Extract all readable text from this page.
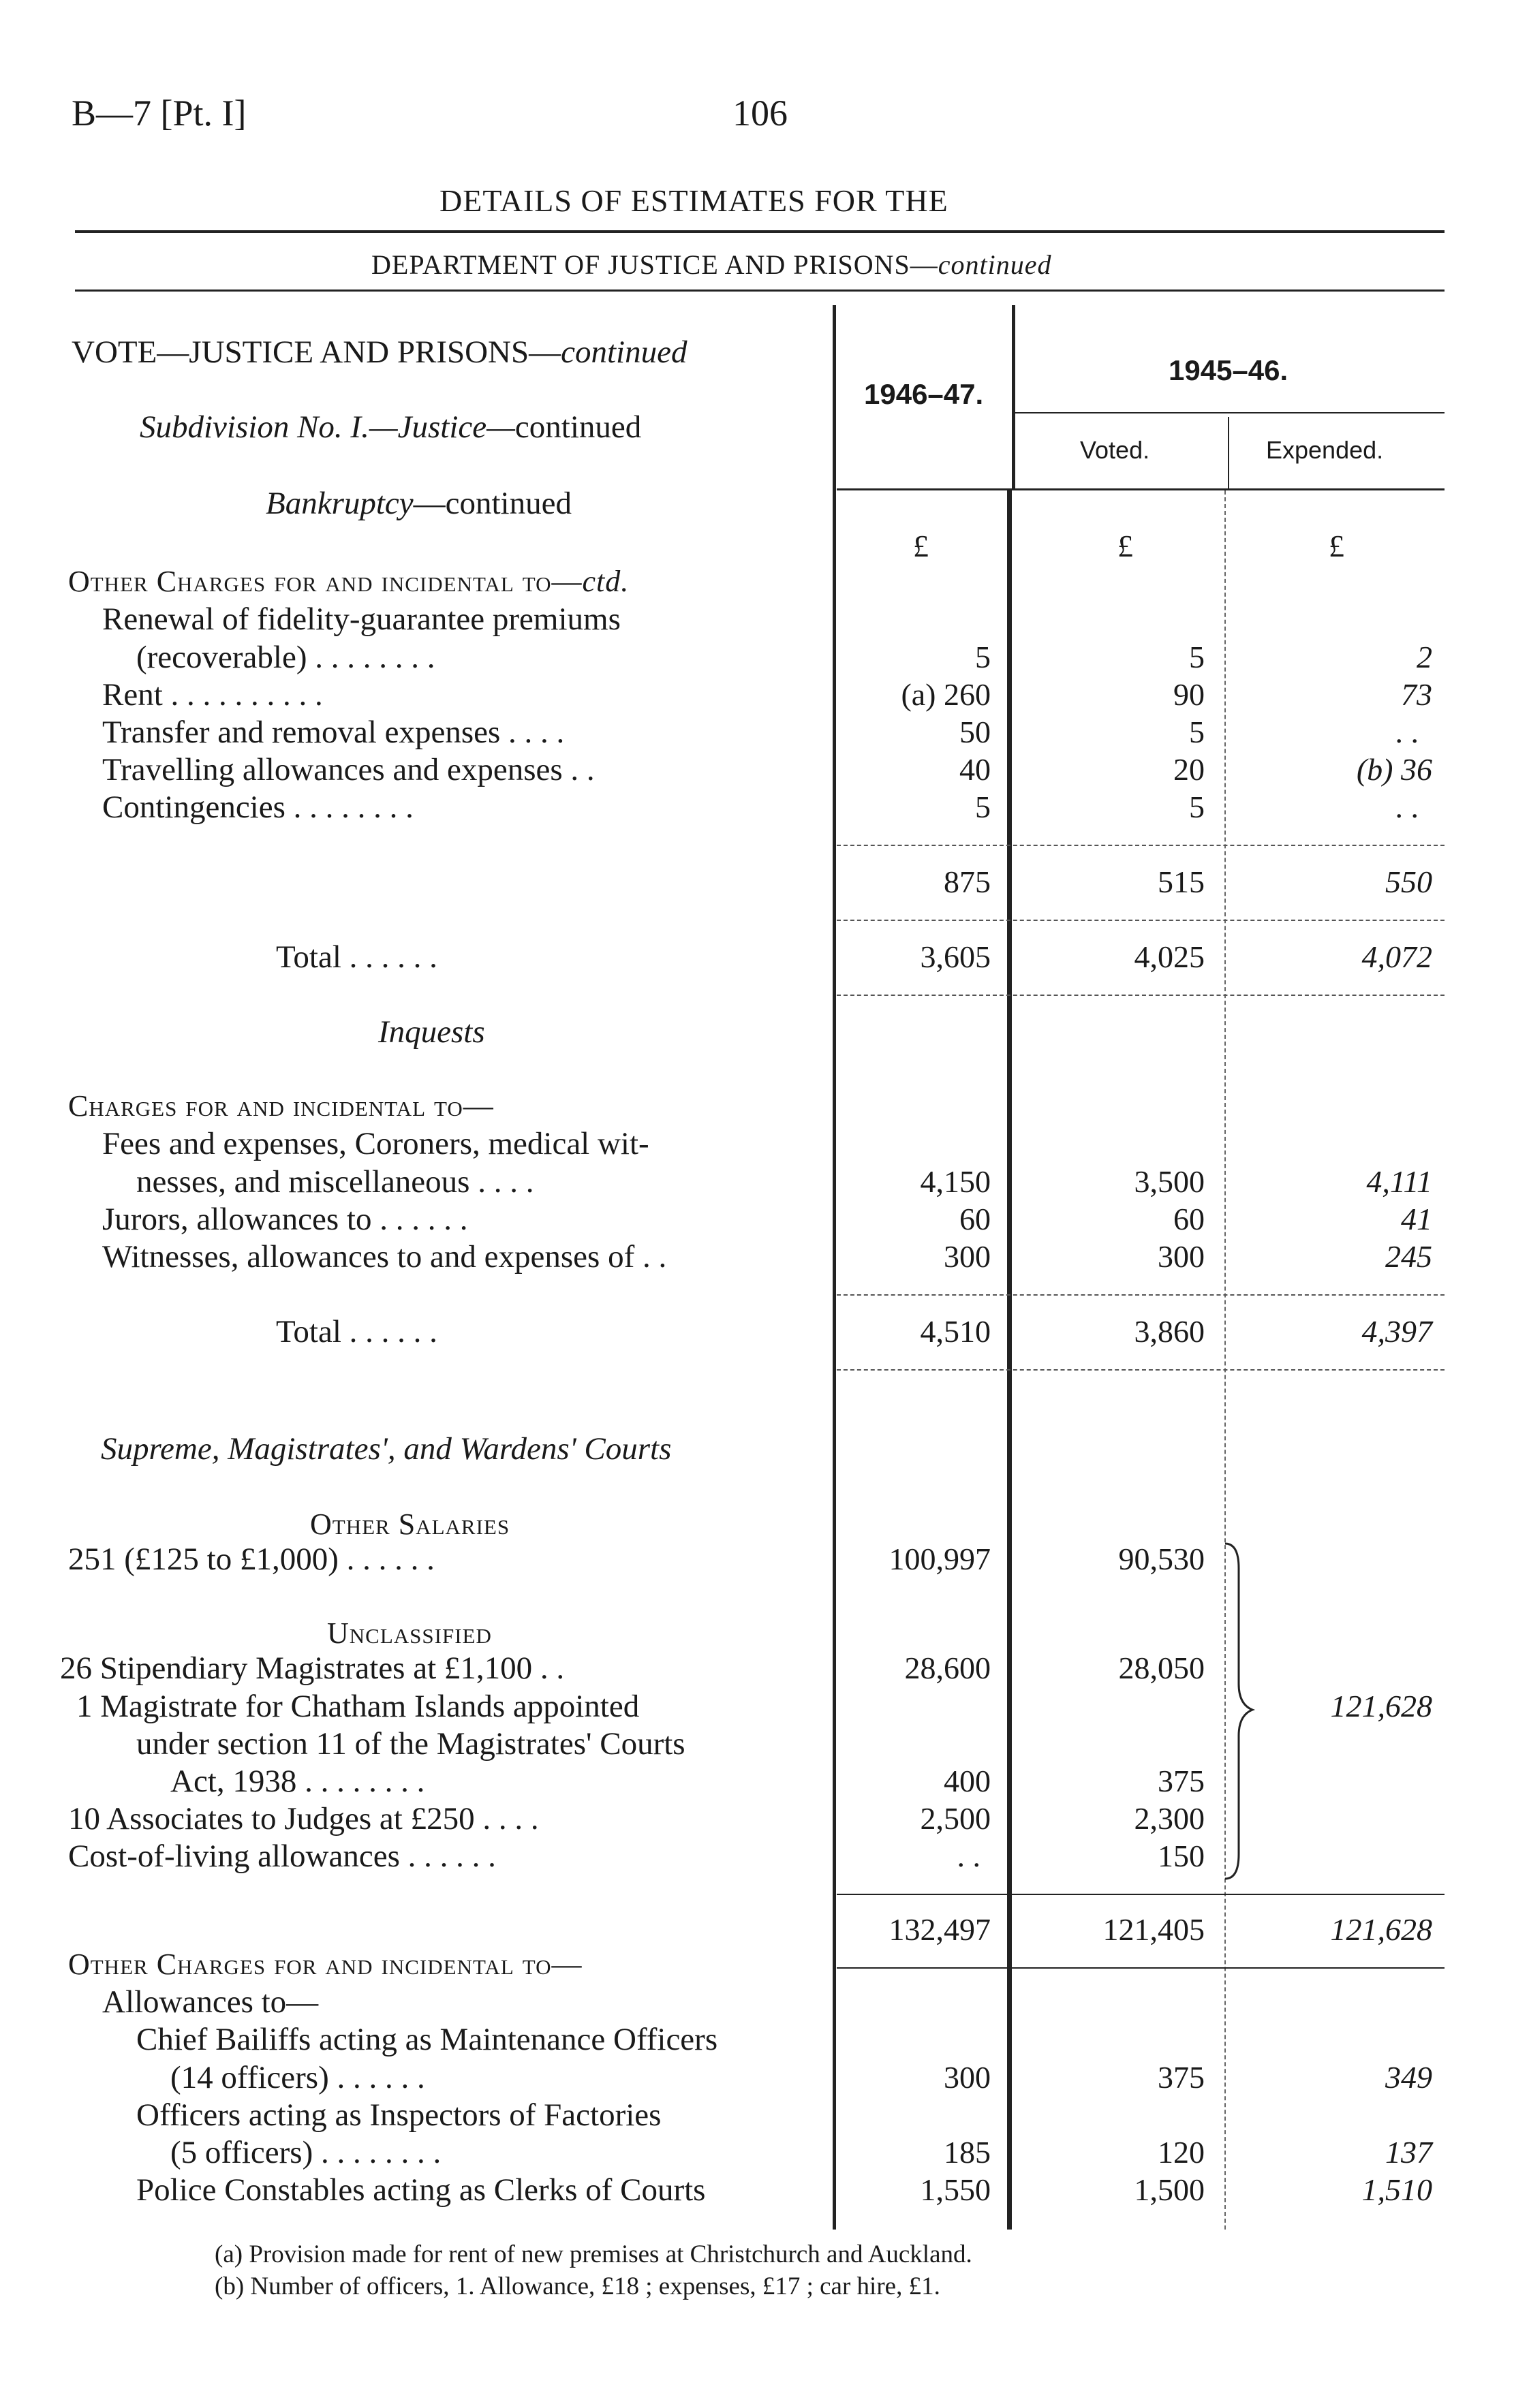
B—7 [Pt. I]	106
DETAILS OF ESTIMATES FOR THE
DEPARTMENT OF JUSTICE AND PRISONS—continued
1946–47.
1945–46.
Voted.	Expended.
£	£	£
VOTE—JUSTICE AND PRISONS—continued
Subdivision No. I.—Justice—continued
Bankruptcy—continued
Other Charges for and incidental to—ctd.
Renewal of fidelity-guarantee premiums
(recoverable) . . . . . . . .	5	5	2
Rent . . . . . . . . . .	(a) 260	90	73
Transfer and removal expenses . . . .	50	5	. .
Travelling allowances and expenses . .	40	20	(b) 36
Contingencies . . . . . . . .	5	5	. .
875	515	550
Total . . . . . .	3,605	4,025	4,072
Inquests
Charges for and incidental to—
Fees and expenses, Coroners, medical wit-
nesses, and miscellaneous . . . .	4,150	3,500	4,111
Jurors, allowances to . . . . . .	60	60	41
Witnesses, allowances to and expenses of . .	300	300	245
Total . . . . . .	4,510	3,860	4,397
Supreme, Magistrates', and Wardens' Courts
Other Salaries
251 (£125 to £1,000) . . . . . .	100,997	90,530
Unclassified
26 Stipendiary Magistrates at £1,100 . .	28,600	28,050
1 Magistrate for Chatham Islands appointed
under section 11 of the Magistrates' Courts
Act, 1938 . . . . . . . .	400	375
10 Associates to Judges at £250 . . . .	2,500	2,300
Cost-of-living allowances . . . . . .	. .	150
121,628
132,497	121,405	121,628
Other Charges for and incidental to—
Allowances to—
Chief Bailiffs acting as Maintenance Officers
(14 officers) . . . . . .	300	375	349
Officers acting as Inspectors of Factories
(5 officers) . . . . . . . .	185	120	137
Police Constables acting as Clerks of Courts	1,550	1,500	1,510
(a) Provision made for rent of new premises at Christchurch and Auckland.
(b) Number of officers, 1. Allowance, £18 ; expenses, £17 ; car hire, £1.
